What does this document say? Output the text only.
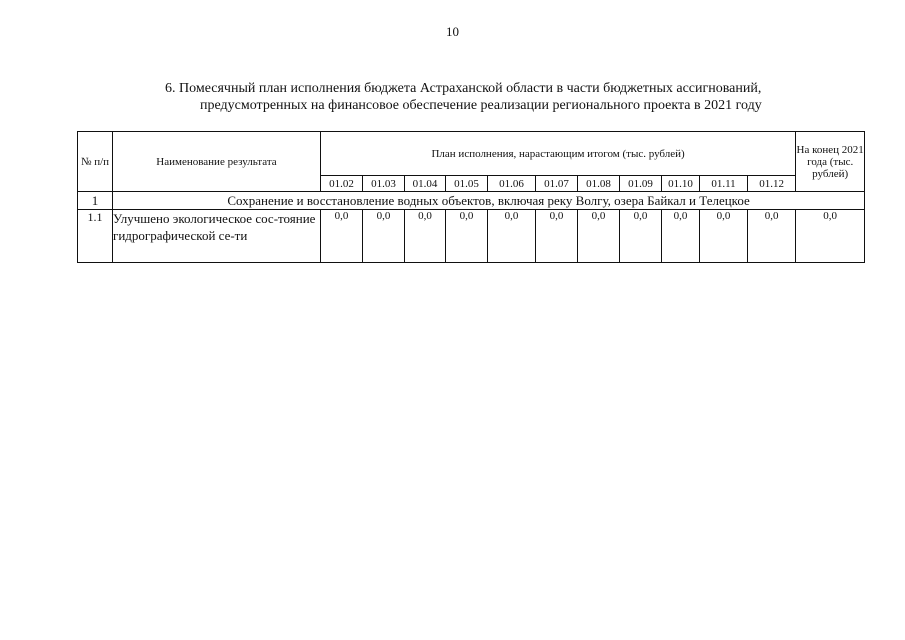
10
6. Помесячный план исполнения бюджета Астраханской области в части бюджетных ассигнований,
предусмотренных на финансовое обеспечение реализации регионального проекта в 2021 году
№ п/п	Наименование результата	План исполнения, нарастающим итогом (тыс. рублей)											На конец 2021 года (тыс. рублей)
		01.02	01.03	01.04	01.05	01.06	01.07	01.08	01.09	01.10	01.11	01.12	
1	Сохранение и восстановление водных объектов, включая реку Волгу, озера Байкал и Телецкое												
1.1	Улучшено экологическое сос-тояние гидрографической се-ти	0,0	0,0	0,0	0,0	0,0	0,0	0,0	0,0	0,0	0,0	0,0	0,0
